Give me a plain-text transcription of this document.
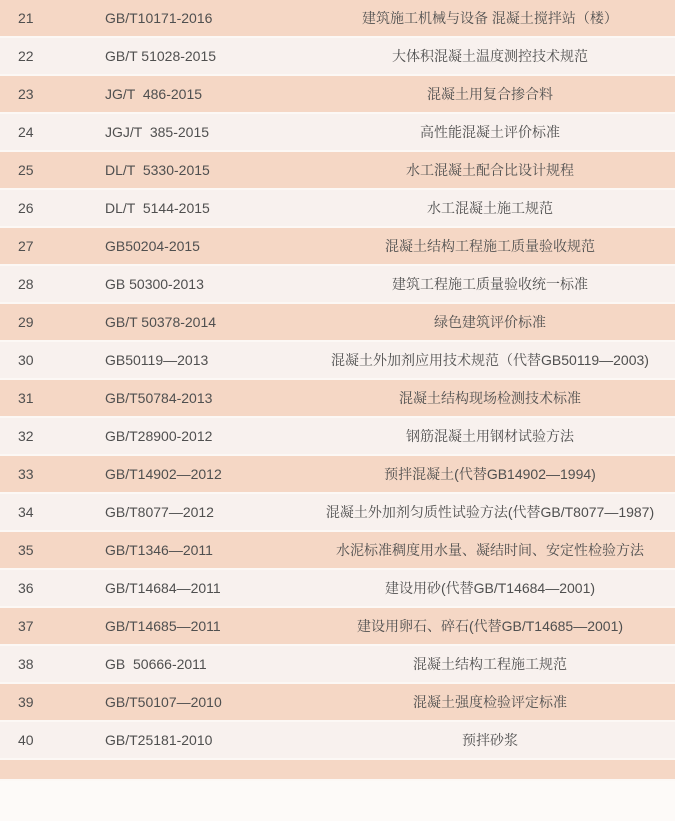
21	GB/T10171-2016	建筑施工机械与设备 混凝土搅拌站（楼）
22	GB/T 51028-2015	大体积混凝土温度测控技术规范
23	JG/T  486-2015	混凝土用复合掺合料
24	JGJ/T  385-2015	高性能混凝土评价标准
25	DL/T  5330-2015	水工混凝土配合比设计规程
26	DL/T  5144-2015	水工混凝土施工规范
27	GB50204-2015	混凝土结构工程施工质量验收规范
28	GB 50300-2013	建筑工程施工质量验收统一标准
29	GB/T 50378-2014	绿色建筑评价标准
30	GB50119—2013	混凝土外加剂应用技术规范（代替GB50119—2003)
31	GB/T50784-2013	混凝土结构现场检测技术标准
32	GB/T28900-2012	钢筋混凝土用钢材试验方法
33	GB/T14902—2012	预拌混凝土(代替GB14902—1994)
34	GB/T8077—2012	混凝土外加剂匀质性试验方法(代替GB/T8077—1987)
35	GB/T1346—2011	水泥标准稠度用水量、凝结时间、安定性检验方法
36	GB/T14684—2011	建设用砂(代替GB/T14684—2001)
37	GB/T14685—2011	建设用卵石、碎石(代替GB/T14685—2001)
38	GB  50666-2011	混凝土结构工程施工规范
39	GB/T50107—2010	混凝土强度检验评定标准
40	GB/T25181-2010	预拌砂浆
